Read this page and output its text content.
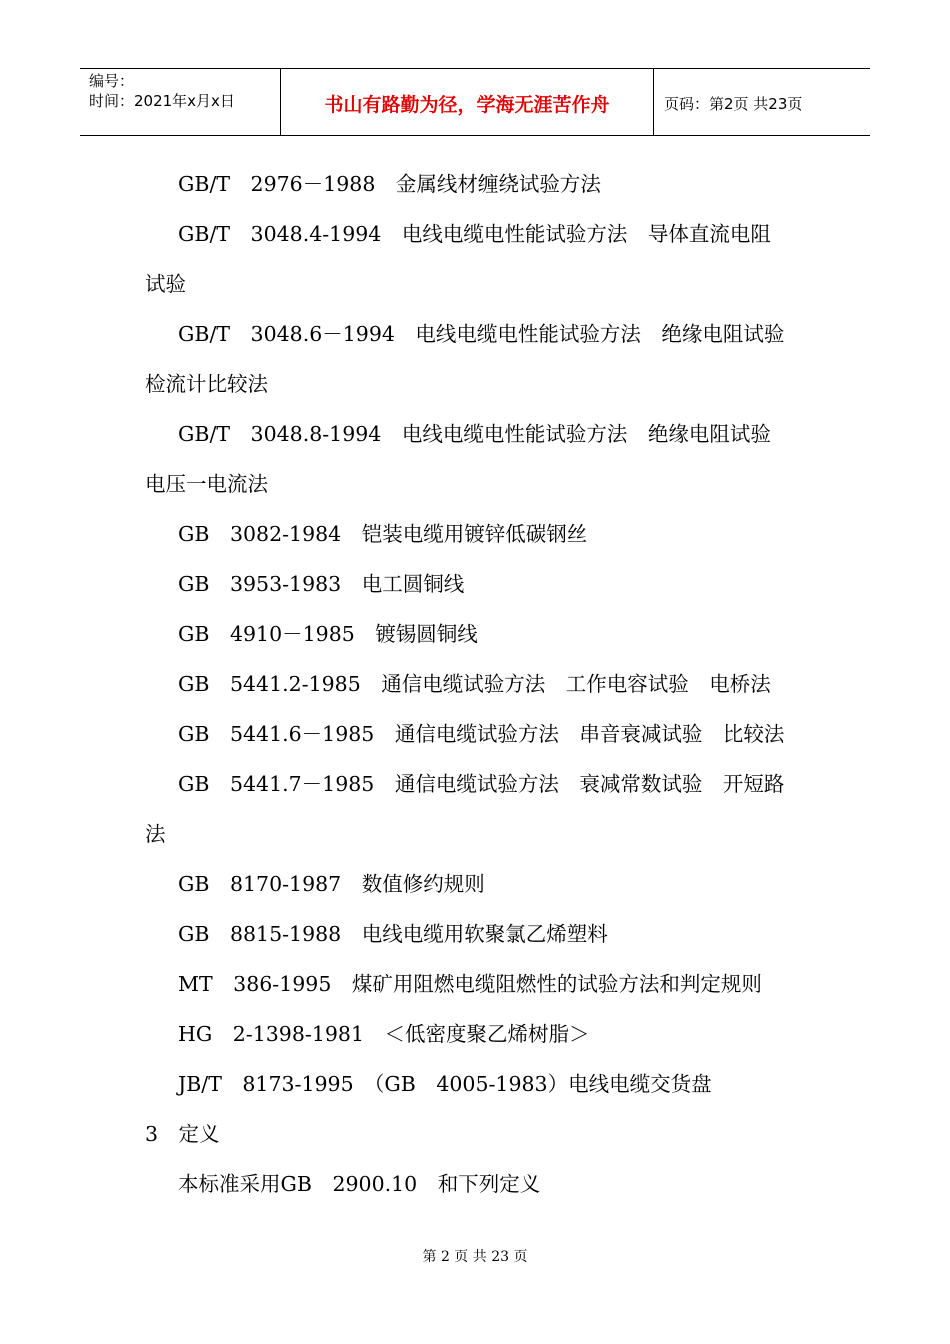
编号：
时间：2021年x月x日	书山有路勤为径，学海无涯苦作舟	页码：第2页 共23页
GB/T　2976－1988　金属线材缠绕试验方法
GB/T　3048.4-1994　电线电缆电性能试验方法　导体直流电阻
试验
GB/T　3048.6－1994　电线电缆电性能试验方法　绝缘电阻试验
检流计比较法
GB/T　3048.8-1994　电线电缆电性能试验方法　绝缘电阻试验
电压一电流法
GB　3082-1984　铠装电缆用镀锌低碳钢丝
GB　3953-1983　电工圆铜线
GB　4910－1985　镀锡圆铜线
GB　5441.2-1985　通信电缆试验方法　工作电容试验　电桥法
GB　5441.6－1985　通信电缆试验方法　串音衰减试验　比较法
GB　5441.7－1985　通信电缆试验方法　衰减常数试验　开短路
法
GB　8170-1987　数值修约规则
GB　8815-1988　电线电缆用软聚氯乙烯塑料
MT　386-1995　煤矿用阻燃电缆阻燃性的试验方法和判定规则
HG　2-1398-1981　＜低密度聚乙烯树脂＞
JB/T　8173-1995　（GB　4005-1983）电线电缆交货盘
3　定义
本标准采用GB　2900.10　和下列定义
第 2 页 共 23 页
